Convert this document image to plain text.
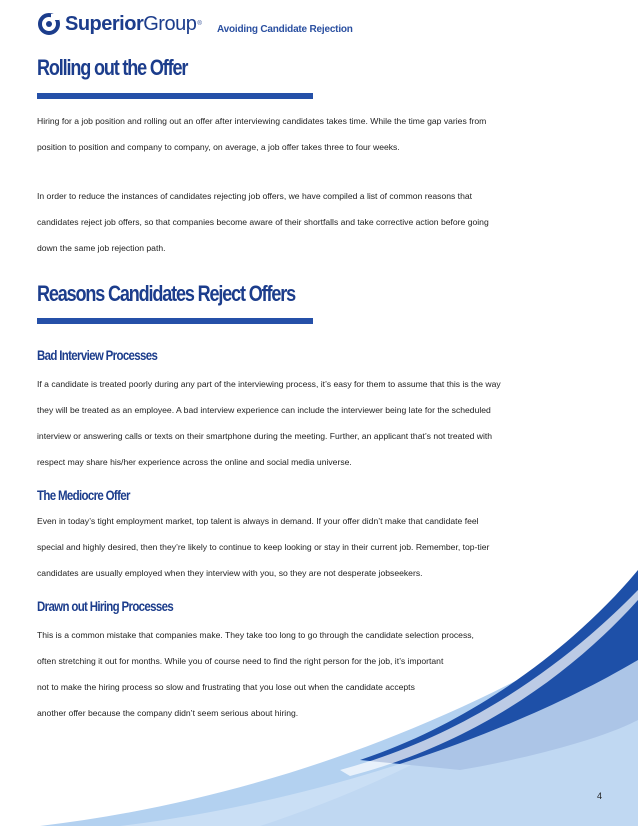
SuperiorGroup ® Avoiding Candidate Rejection
Rolling out the Offer
Hiring for a job position and rolling out an offer after interviewing candidates takes time. While the time gap varies from
position to position and company to company, on average, a job offer takes three to four weeks.
In order to reduce the instances of candidates rejecting job offers, we have compiled a list of common reasons that
candidates reject job offers, so that companies become aware of their shortfalls and take corrective action before going
down the same job rejection path.
Reasons Candidates Reject Offers
Bad Interview Processes
If a candidate is treated poorly during any part of the interviewing process, it’s easy for them to assume that this is the way
they will be treated as an employee. A bad interview experience can include the interviewer being late for the scheduled
interview or answering calls or texts on their smartphone during the meeting. Further, an applicant that’s not treated with
respect may share his/her experience across the online and social media universe.
The Mediocre Offer
Even in today’s tight employment market, top talent is always in demand. If your offer didn’t make that candidate feel
special and highly desired, then they’re likely to continue to keep looking or stay in their current job. Remember, top-tier
candidates are usually employed when they interview with you, so they are not desperate jobseekers.
Drawn out Hiring Processes
This is a common mistake that companies make. They take too long to go through the candidate selection process,
often stretching it out for months. While you of course need to find the right person for the job, it’s important
not to make the hiring process so slow and frustrating that you lose out when the candidate accepts
another offer because the company didn’t seem serious about hiring.
4
